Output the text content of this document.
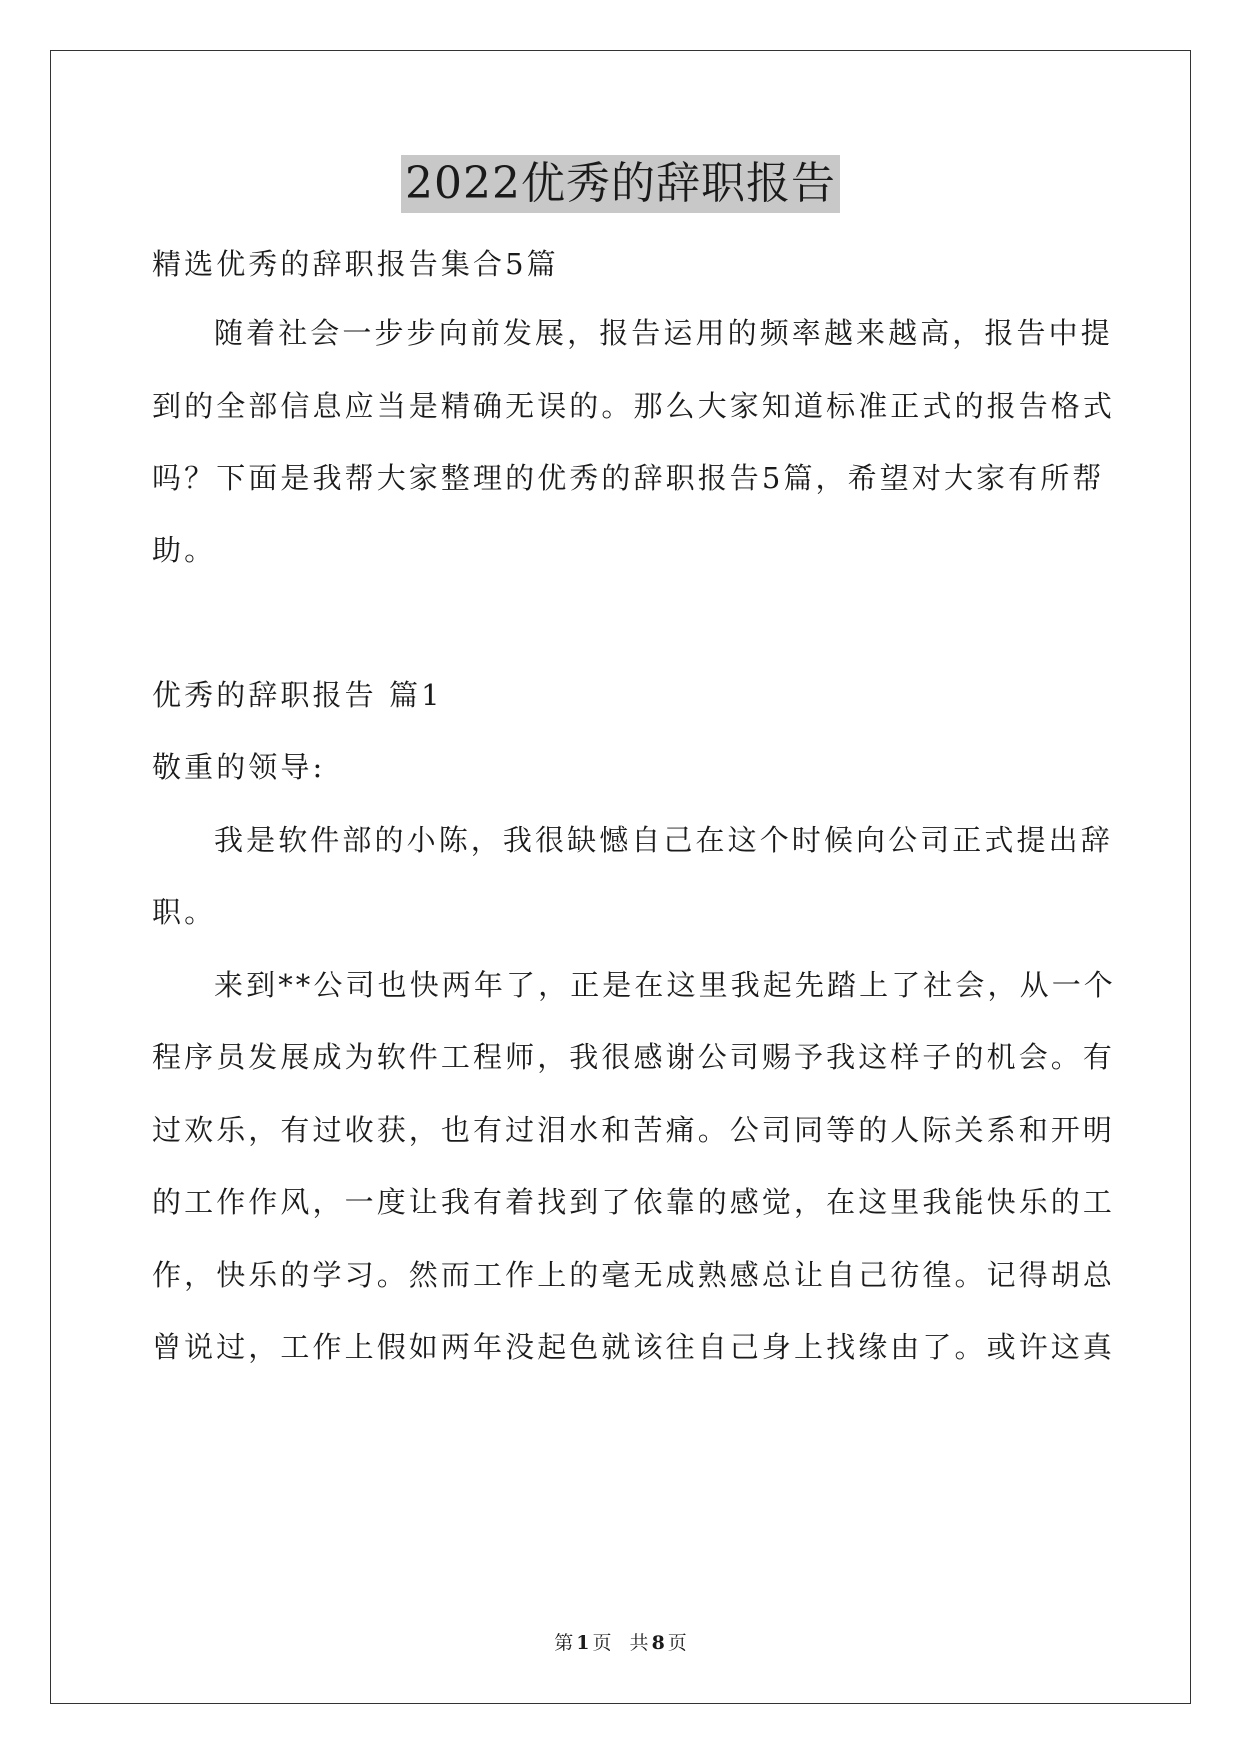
2022优秀的辞职报告
精选优秀的辞职报告集合5篇
随着社会一步步向前发展，报告运用的频率越来越高，报告中提
到的全部信息应当是精确无误的。那么大家知道标准正式的报告格式
吗？下面是我帮大家整理的优秀的辞职报告5篇，希望对大家有所帮
助。
优秀的辞职报告 篇1
敬重的领导:
我是软件部的小陈，我很缺憾自己在这个时候向公司正式提出辞
职。
来到**公司也快两年了，正是在这里我起先踏上了社会，从一个
程序员发展成为软件工程师，我很感谢公司赐予我这样子的机会。有
过欢乐，有过收获，也有过泪水和苦痛。公司同等的人际关系和开明
的工作作风，一度让我有着找到了依靠的感觉，在这里我能快乐的工
作，快乐的学习。然而工作上的毫无成熟感总让自己彷徨。记得胡总
曾说过，工作上假如两年没起色就该往自己身上找缘由了。或许这真
第 1 页   共 8 页
